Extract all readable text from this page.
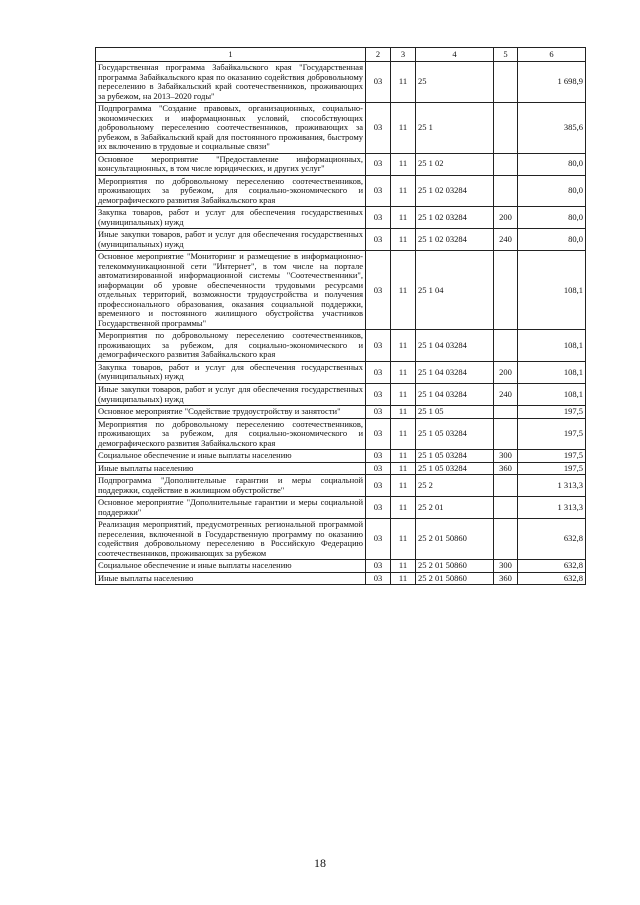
1	2	3	4	5	6
Государственная программа Забайкальского края "Государственная программа Забайкальского края по оказанию содействия добровольному переселению в Забайкальский край соотечественников, проживающих за рубежом, на 2013–2020 годы"	03	11	25		1 698,9
Подпрограмма "Создание правовых, организационных, социально-экономических и информационных условий, способствующих добровольному переселению соотечественников, проживающих за рубежом, в Забайкальский край для постоянного проживания, быстрому их включению в трудовые и социальные связи"	03	11	25 1		385,6
Основное мероприятие "Предоставление информационных, консультационных, в том числе юридических, и других услуг"	03	11	25 1 02		80,0
Мероприятия по добровольному переселению соотечественников, проживающих за рубежом, для социально-экономического и демографического развития Забайкальского края	03	11	25 1 02 03284		80,0
Закупка товаров, работ и услуг для обеспечения государственных (муниципальных) нужд	03	11	25 1 02 03284	200	80,0
Иные закупки товаров, работ и услуг для обеспечения государственных (муниципальных) нужд	03	11	25 1 02 03284	240	80,0
Основное мероприятие "Мониторинг и размещение в информационно-телекоммуникационной сети "Интернет", в том числе на портале автоматизированной информационной системы "Соотечественники", информации об уровне обеспеченности трудовыми ресурсами отдельных территорий, возможности трудоустройства и получения профессионального образования, оказания социальной поддержки, временного и постоянного жилищного обустройства участников Государственной программы"	03	11	25 1 04		108,1
Мероприятия по добровольному переселению соотечественников, проживающих за рубежом, для социально-экономического и демографического развития Забайкальского края	03	11	25 1 04 03284		108,1
Закупка товаров, работ и услуг для обеспечения государственных (муниципальных) нужд	03	11	25 1 04 03284	200	108,1
Иные закупки товаров, работ и услуг для обеспечения государственных (муниципальных) нужд	03	11	25 1 04 03284	240	108,1
Основное мероприятие "Содействие трудоустройству и занятости"	03	11	25 1 05		197,5
Мероприятия по добровольному переселению соотечественников, проживающих за рубежом, для социально-экономического и демографического развития Забайкальского края	03	11	25 1 05 03284		197,5
Социальное обеспечение и иные выплаты населению	03	11	25 1 05 03284	300	197,5
Иные выплаты населению	03	11	25 1 05 03284	360	197,5
Подпрограмма "Дополнительные гарантии и меры социальной поддержки, содействие в жилищном обустройстве"	03	11	25 2		1 313,3
Основное мероприятие "Дополнительные гарантии и меры социальной поддержки"	03	11	25 2 01		1 313,3
Реализация мероприятий, предусмотренных региональной программой переселения, включенной в Государственную программу по оказанию содействия добровольному переселению в Российскую Федерацию соотечественников, проживающих за рубежом	03	11	25 2 01 50860		632,8
Социальное обеспечение и иные выплаты населению	03	11	25 2 01 50860	300	632,8
Иные выплаты населению	03	11	25 2 01 50860	360	632,8
18
